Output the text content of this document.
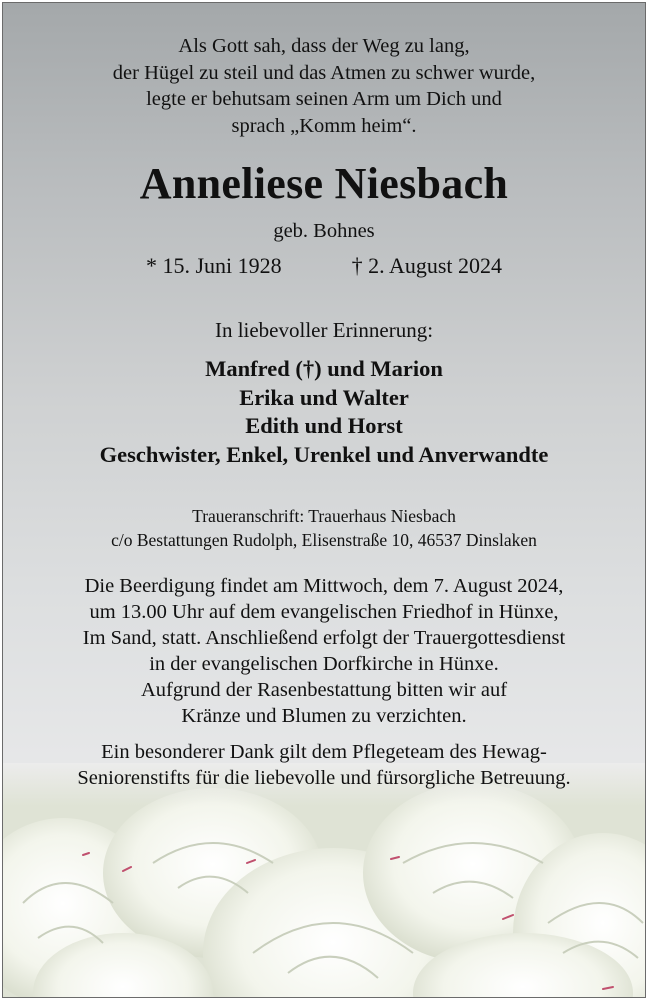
Als Gott sah, dass der Weg zu lang,
der Hügel zu steil und das Atmen zu schwer wurde,
legte er behutsam seinen Arm um Dich und
sprach „Komm heim“.
Anneliese Niesbach
geb. Bohnes
* 15. Juni 1928	† 2. August 2024
In liebevoller Erinnerung:
Manfred (†) und Marion
Erika und Walter
Edith und Horst
Geschwister, Enkel, Urenkel und Anverwandte
Traueranschrift: Trauerhaus Niesbach
c/o Bestattungen Rudolph, Elisenstraße 10, 46537 Dinslaken
Die Beerdigung findet am Mittwoch, dem 7. August 2024,
um 13.00 Uhr auf dem evangelischen Friedhof in Hünxe,
Im Sand, statt. Anschließend erfolgt der Trauergottesdienst
in der evangelischen Dorfkirche in Hünxe.
Aufgrund der Rasenbestattung bitten wir auf
Kränze und Blumen zu verzichten.
Ein besonderer Dank gilt dem Pflegeteam des Hewag-
Seniorenstifts für die liebevolle und fürsorgliche Betreuung.
